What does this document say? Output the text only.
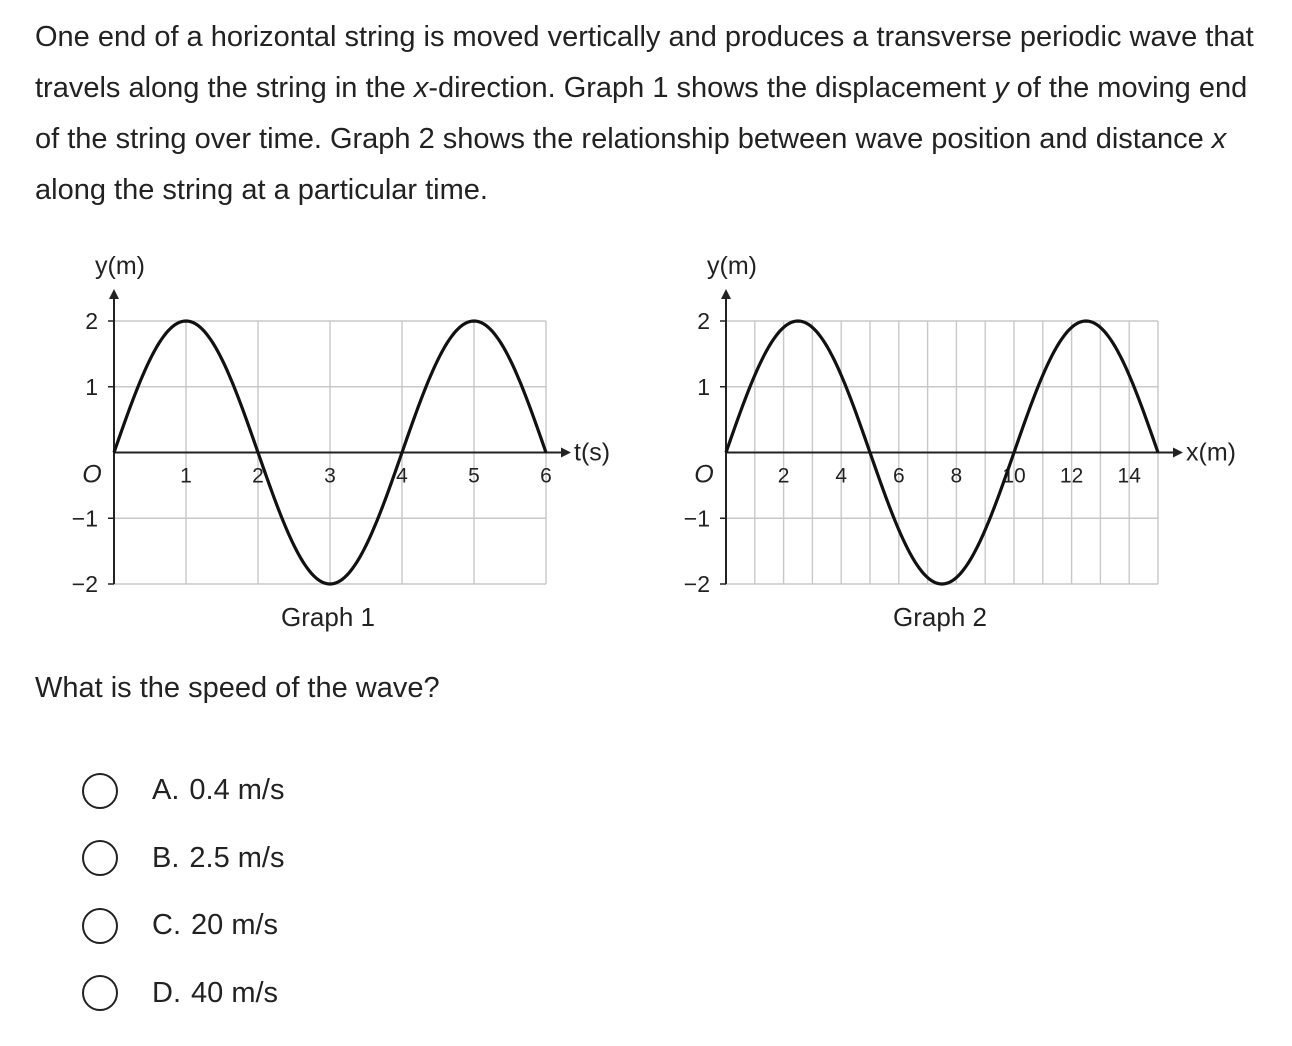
One end of a horizontal string is moved vertically and produces a transverse periodic wave that travels along the string in the x-direction. Graph 1 shows the displacement y of the moving end of the string over time. Graph 2 shows the relationship between wave position and distance x along the string at a particular time.

2
1
−1
−2
1	2	3	4	5	6
O
y(m)
t(s)
Graph 1
2
1
−1
−2
2 4 6 8 10 12 14
O
y(m)
x(m)
Graph 2
What is the speed of the wave?
A. 0.4 m/s
B. 2.5 m/s
C. 20 m/s
D. 40 m/s
